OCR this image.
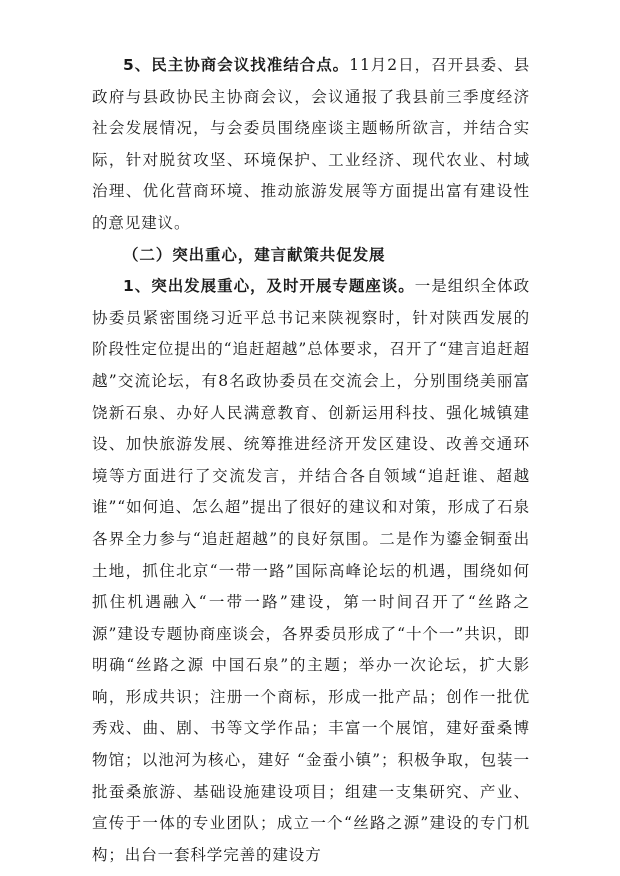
5、民主协商会议找准结合点。11月2日，召开县委、县政府与县政协民主协商会议，会议通报了我县前三季度经济社会发展情况，与会委员围绕座谈主题畅所欲言，并结合实际，针对脱贫攻坚、环境保护、工业经济、现代农业、村域治理、优化营商环境、推动旅游发展等方面提出富有建设性的意见建议。

（二）突出重心，建言献策共促发展

1、突出发展重心，及时开展专题座谈。一是组织全体政协委员紧密围绕习近平总书记来陕视察时，针对陕西发展的阶段性定位提出的“追赶超越”总体要求，召开了“建言追赶超越”交流论坛，有8名政协委员在交流会上，分别围绕美丽富饶新石泉、办好人民满意教育、创新运用科技、强化城镇建设、加快旅游发展、统筹推进经济开发区建设、改善交通环境等方面进行了交流发言，并结合各自领域“追赶谁、超越谁”“如何追、怎么超”提出了很好的建议和对策，形成了石泉各界全力参与“追赶超越”的良好氛围。二是作为鎏金铜蚕出土地，抓住北京“一带一路”国际高峰论坛的机遇，围绕如何抓住机遇融入“一带一路”建设，第一时间召开了“丝路之源”建设专题协商座谈会，各界委员形成了“十个一”共识，即明确“丝路之源 中国石泉”的主题；举办一次论坛，扩大影响，形成共识；注册一个商标，形成一批产品；创作一批优秀戏、曲、剧、书等文学作品；丰富一个展馆，建好蚕桑博物馆；以池河为核心，建好 “金蚕小镇”；积极争取，包装一批蚕桑旅游、基础设施建设项目；组建一支集研究、产业、宣传于一体的专业团队；成立一个“丝路之源”建设的专门机构；出台一套科学完善的建设方
